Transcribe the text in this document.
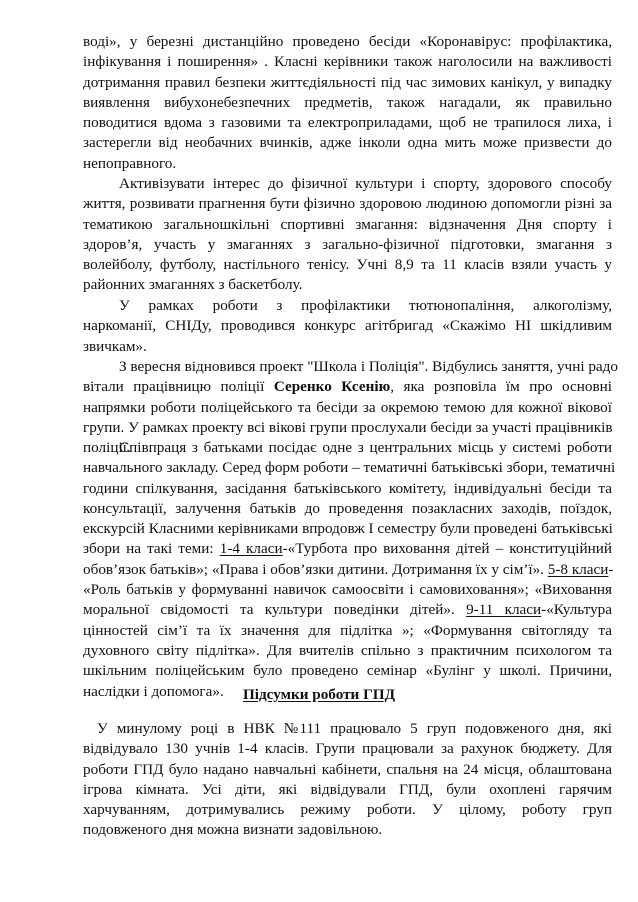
воді», у березні дистанційно проведено бесіди «Коронавірус: профілактика,
інфікування і поширення» . Класні керівники також наголосили на важливості
дотримання правил безпеки життєдіяльності під час зимових канікул, у випадку
виявлення вибухонебезпечних предметів, також нагадали, як правильно
поводитися вдома з газовими та електроприладами, щоб не трапилося лиха, і
застерегли від необачних вчинків, адже інколи одна мить може призвести до
непоправного.
Активізувати інтерес до фізичної культури і спорту, здорового способу
життя, розвивати прагнення бути фізично здоровою людиною допомогли різні за
тематикою загальношкільні спортивні змагання: відзначення Дня спорту і
здоров’я, участь у змаганнях з загально-фізичної підготовки, змагання з
волейболу, футболу, настільного тенісу. Учні 8,9 та 11 класів взяли участь у
районних змаганнях з баскетболу.
У рамках роботи з профілактики тютюнопаління, алкоголізму,
наркоманії, СНІДу, проводився конкурс агітбригад «Скажімо НІ шкідливим
звичкам».
З вересня відновився проект "Школа і Поліція". Відбулись заняття, учні радо
вітали працівницю поліції Серенко Ксенію, яка розповіла їм про основні
напрямки роботи поліцейського та бесіди за окремою темою для кожної вікової
групи. У рамках проекту всі вікові групи прослухали бесіди за участі працівників
поліції.
Співпраця з батьками посідає одне з центральних місць у системі роботи
навчального закладу. Серед форм роботи – тематичні батьківські збори, тематичні
години спілкування, засідання батьківського комітету, індивідуальні бесіди та
консультації, залучення батьків до проведення позакласних заходів, поїздок,
екскурсій Класними керівниками впродовж I семестру були проведені батьківські
збори на такі теми: 1-4 класи-«Турбота про виховання дітей – конституційний
обов’язок батьків»; «Права і обов’язки дитини. Дотримання їх у сім’ї». 5-8 класи-
«Роль батьків у формуванні навичок самоосвіти і самовиховання»; «Виховання
моральної свідомості та культури поведінки дітей». 9-11 класи-«Культура
цінностей сім’ї та їх значення для підлітка »; «Формування світогляду та
духовного світу підлітка». Для вчителів спільно з практичним психологом та
шкільним поліцейським було проведено семінар «Булінг у школі. Причини,
наслідки і допомога».	Підсумки роботи ГПД
У минулому році в НВК №111 працювало 5 груп подовженого дня, які
відвідувало 130 учнів 1-4 класів. Групи працювали за рахунок бюджету. Для
роботи ГПД було надано навчальні кабінети, спальня на 24 місця, облаштована
ігрова кімната. Усі діти, які відвідували ГПД, були охоплені гарячим
харчуванням, дотримувались режиму роботи. У цілому, роботу груп
подовженого дня можна визнати задовільною.
